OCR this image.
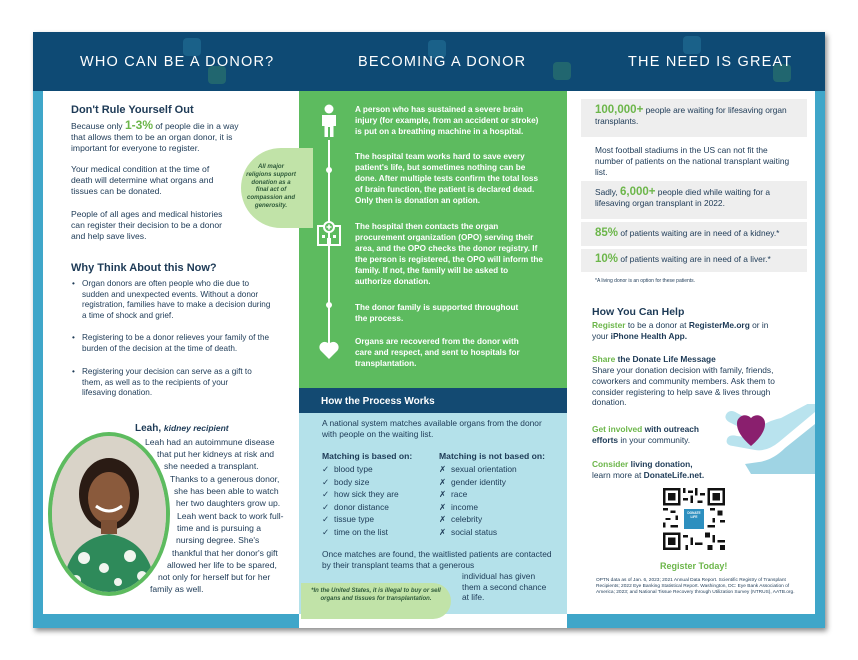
WHO CAN BE A DONOR?	BECOMING A DONOR	THE NEED IS GREAT
How the Process Works
Don't Rule Yourself Out
Because only 1-3% of people die in a way that allows them to be an organ donor, it is important for everyone to register.
Your medical condition at the time of death will determine what organs and tissues can be donated.
People of all ages and medical histories can register their decision to be a donor and help save lives.
All major religions support donation as a final act of compassion and generosity.
Why Think About this Now?
• Organ donors are often people who die due to sudden and unexpected events. Without a donor registration, families have to make a decision during a time of shock and grief.
• Registering to be a donor relieves your family of the burden of the decision at the time of death.
• Registering your decision can serve as a gift to them, as well as to the recipients of your lifesaving donation.
Leah, kidney recipient
Leah had an autoimmune disease
that put her kidneys at risk and
she needed a transplant.
Thanks to a generous donor,
she has been able to watch
her two daughters grow up.
Leah went back to work full-
time and is pursuing a
nursing degree. She's
thankful that her donor's gift
allowed her life to be spared,
not only for herself but for her
family as well.
A person who has sustained a severe brain injury (for example, from an accident or stroke) is put on a breathing machine in a hospital.
The hospital team works hard to save every patient's life, but sometimes nothing can be done. After multiple tests confirm the total loss of brain function, the patient is declared dead. Only then is donation an option.
The hospital then contacts the organ procurement organization (OPO) serving their area, and the OPO checks the donor registry. If the person is registered, the OPO will inform the family. If not, the family will be asked to authorize donation.
The donor family is supported throughout the process.
Organs are recovered from the donor with care and respect, and sent to hospitals for transplantation.
A national system matches available organs from the donor with people on the waiting list.
Matching is based on:
✓ blood type
✓ body size
✓ how sick they are
✓ donor distance
✓ tissue type
✓ time on the list
Matching is not based on:
✗ sexual orientation
✗ gender identity
✗ race
✗ income
✗ celebrity
✗ social status
Once matches are found, the waitlisted patients are contacted by their transplant teams that a generous
individual has given them a second chance at life.
*In the United States, it is illegal to buy or sell organs and tissues for transplantation.
100,000+ people are waiting for lifesaving organ transplants.
Most football stadiums in the US can not fit the number of patients on the national transplant waiting list.
Sadly, 6,000+ people died while waiting for a lifesaving organ transplant in 2022.
85% of patients waiting are in need of a kidney.*
10% of patients waiting are in need of a liver.*
*A living donor is an option for these patients.
How You Can Help
Register to be a donor at RegisterMe.org or in your iPhone Health App.
Share the Donate Life Message
Share your donation decision with family, friends, coworkers and community members. Ask them to consider registering to help save & lives through donation.
Get involved with outreach efforts in your community.
Consider living donation,
learn more at DonateLife.net.
DONATE LIFE
Register Today!
OPTN data as of Jan. 6, 2023; 2021 Annual Data Report. Scientific Registry of Transplant Recipients; 2022 Eye Banking Statistical Report. Washington, DC: Eye Bank Association of America; 2023; and National Tissue Recovery through Utilization Survey (NTRUS), AATB.org.
